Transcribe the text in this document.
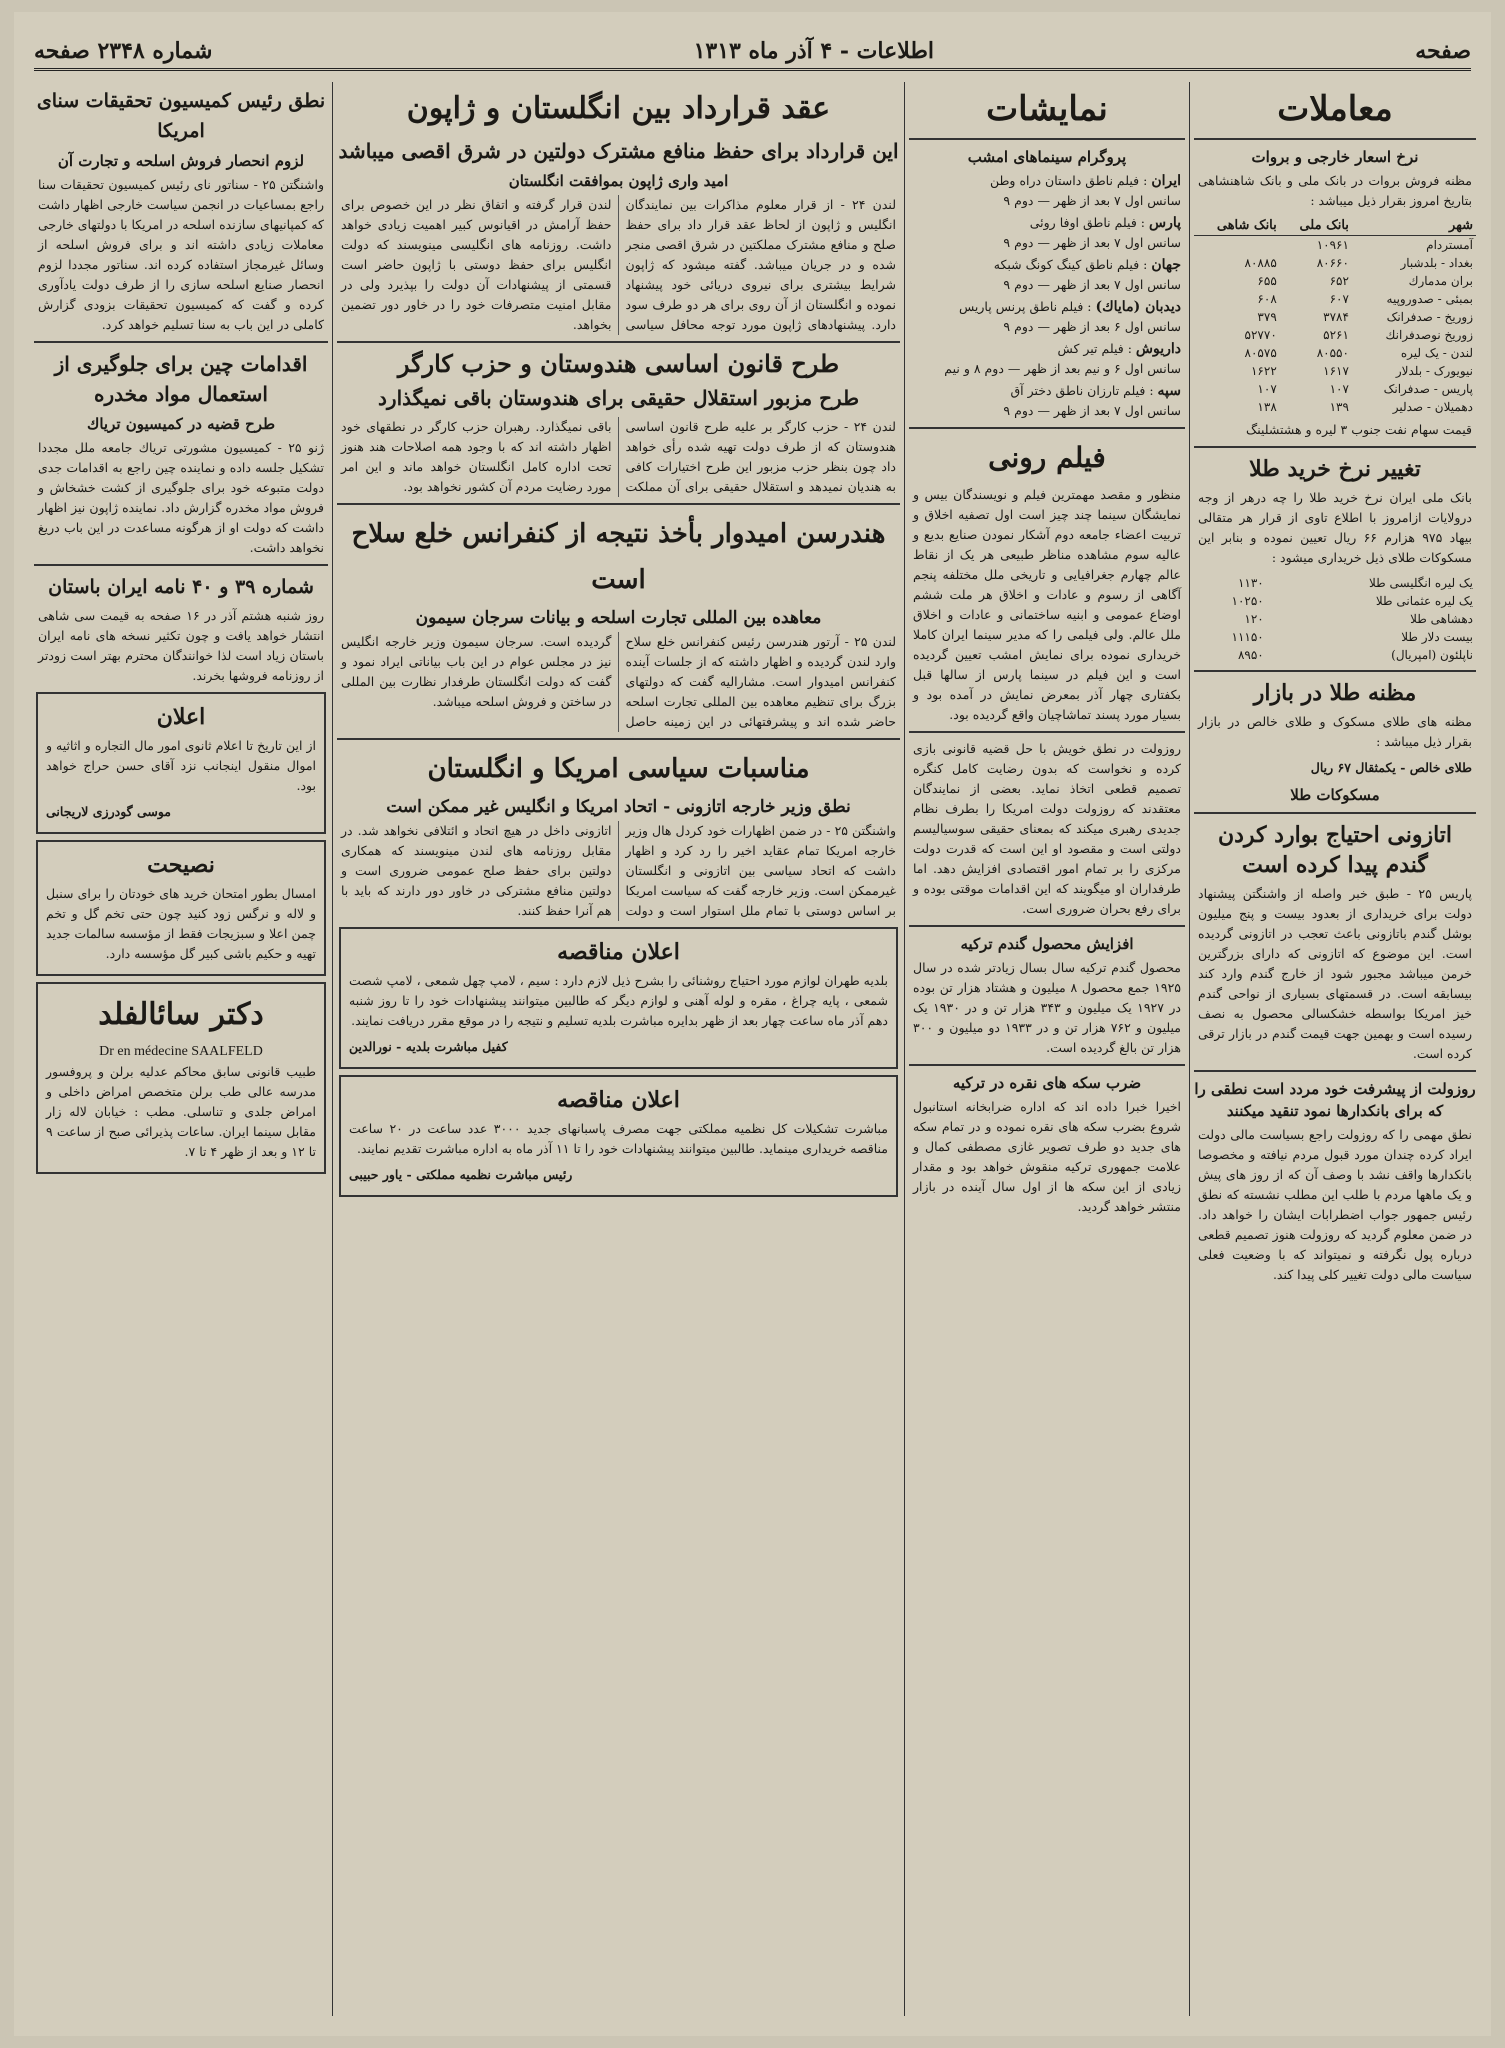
صفحه
اطلاعات - ۴ آذر ماه ۱۳۱۳
شماره ۲۳۴۸ صفحه
معاملات
نرخ اسعار خارجی و بروات
مظنه فروش بروات در بانک ملی و بانک شاهنشاهی بتاریخ امروز بقرار ذیل میباشد :
شهر	بانک ملی	بانک شاهی
آمستردام	۱۰۹۶۱	
بغداد - بلدشبار	۸۰۶۶۰	۸۰۸۸۵
بران مدمارك	۶۵۲	۶۵۵
بمبئی - صدوروپیه	۶۰۷	۶۰۸
زوریخ - صدفرانک	۳۷۸۴	۳۷۹
زوریخ نوصدفرانك	۵۲۶۱	۵۲۷۷۰
لندن - یک لیره	۸۰۵۵۰	۸۰۵۷۵
نیویورک - بلدلار	۱۶۱۷	۱۶۲۲
پاریس - صدفرانک	۱۰۷	۱۰۷
دهمیلان - صدلیر	۱۳۹	۱۳۸
قیمت سهام نفت جنوب ۳ لیره و هشتشلینگ
تغییر نرخ خرید طلا
بانک ملی ایران نرخ خرید طلا را چه درهر از وجه درولایات ازامروز با اطلاع تاوی از قرار هر متقالی بیهاد ۹۷۵ هزارم ۶۶ ریال تعیین نموده و بنابر این مسکوکات طلای ذیل خریداری میشود :
یک لیره انگلیسی طلا	۱۱۳۰
یک لیره عثمانی طلا	۱۰۲۵۰
دهشاهی طلا	۱۲۰
بیست دلار طلا	۱۱۱۵۰
ناپلئون (امپریال)	۸۹۵۰
مظنه طلا در بازار
مظنه های طلای مسکوک و طلای خالص در بازار بقرار ذیل میباشد :
طلای خالص - یکمثقال ۶۷ ریال
مسکوکات طلا
اتازونی احتیاج بوارد کردن گندم پیدا کرده است
پاریس ۲۵ - طبق خبر واصله از واشنگتن پیشنهاد دولت برای خریداری از بعدود بیست و پنج میلیون بوشل گندم باتازونی باعث تعجب در اتازونی گردیده است. این موضوع که اتازونی که دارای بزرگترین خرمن میباشد مجبور شود از خارج گندم وارد کند بیسابقه است. در قسمتهای بسیاری از نواحی گندم خیز امریکا بواسطه خشکسالی محصول به نصف رسیده است و بهمین جهت قیمت گندم در بازار ترقی کرده است.
روزولت از پیشرفت خود مردد است نطقی را که برای بانکدارها نمود تنقید میکنند
نطق مهمی را که روزولت راجع بسیاست مالی دولت ایراد کرده چندان مورد قبول مردم نیافته و مخصوصا بانکدارها واقف نشد با وصف آن که از روز های پیش و یک ماهها مردم با طلب این مطلب نشسته که نطق رئیس جمهور جواب اضطرابات ایشان را خواهد داد. در ضمن معلوم گردید که روزولت هنوز تصمیم قطعی درباره پول نگرفته و نمیتواند که با وضعیت فعلی سیاست مالی دولت تغییر کلی پیدا کند.
نمایشات
پروگرام سینماهای امشب
ایران : فیلم ناطق داستان دراه وطن
سانس اول ۷ بعد از ظهر — دوم ۹
پارس : فیلم ناطق اوفا روئی
سانس اول ۷ بعد از ظهر — دوم ۹
جهان : فیلم ناطق کینگ کونگ شبکه
سانس اول ۷ بعد از ظهر — دوم ۹
دیدبان (مایاك) : فیلم ناطق پرنس پاریس
سانس اول ۶ بعد از ظهر — دوم ۹
داریوش : فیلم تیر کش
سانس اول ۶ و نیم بعد از ظهر — دوم ۸ و نیم
سپه : فیلم تارزان ناطق دختر آق
سانس اول ۷ بعد از ظهر — دوم ۹
فیلم رونی
منظور و مقصد مهمترین فیلم و نویسندگان بیس و نمایشگان سینما چند چیز است اول تصفیه اخلاق و تربیت اعضاء جامعه دوم آشکار نمودن صنایع بدیع و عالیه سوم مشاهده مناظر طبیعی هر یک از نقاط عالم چهارم جغرافیایی و تاریخی ملل مختلفه پنجم آگاهی از رسوم و عادات و اخلاق هر ملت ششم اوضاع عمومی و ابنیه ساختمانی و عادات و اخلاق ملل عالم. ولی فیلمی را که مدیر سینما ایران کاملا خریداری نموده برای نمایش امشب تعیین گردیده است و این فیلم در سینما پارس از سالها قبل بکفتاری چهار آذر بمعرض نمایش در آمده بود و بسیار مورد پسند تماشاچیان واقع گردیده بود.
روزولت در نطق خویش با حل قضیه قانونی بازی کرده و نخواست که بدون رضایت کامل کنگره تصمیم قطعی اتخاذ نماید. بعضی از نمایندگان معتقدند که روزولت دولت امریکا را بطرف نظام جدیدی رهبری میکند که بمعنای حقیقی سوسیالیسم دولتی است و مقصود او این است که قدرت دولت مرکزی را بر تمام امور اقتصادی افزایش دهد. اما طرفداران او میگویند که این اقدامات موقتی بوده و برای رفع بحران ضروری است.
افزایش محصول گندم ترکیه
محصول گندم ترکیه سال بسال زیادتر شده در سال ۱۹۲۵ جمع محصول ۸ میلیون و هشتاد هزار تن بوده در ۱۹۲۷ یک میلیون و ۳۴۳ هزار تن و در ۱۹۳۰ یک میلیون و ۷۶۲ هزار تن و در ۱۹۳۳ دو میلیون و ۳۰۰ هزار تن بالغ گردیده است.
ضرب سکه های نقره در ترکیه
اخیرا خبرا داده اند که اداره ضرابخانه استانبول شروع بضرب سکه های نقره نموده و در تمام سکه های جدید دو طرف تصویر غازی مصطفی کمال و علامت جمهوری ترکیه منقوش خواهد بود و مقدار زیادی از این سکه ها از اول سال آینده در بازار منتشر خواهد گردید.
عقد قرارداد بین انگلستان و ژاپون
این قرارداد برای حفظ منافع مشترک دولتین در شرق اقصی میباشد
امید واری ژاپون بموافقت انگلستان
لندن ۲۴ - از قرار معلوم مذاکرات بین نمایندگان انگلیس و ژاپون از لحاظ عقد قرار داد برای حفظ صلح و منافع مشترک مملکتین در شرق اقصی منجر شده و در جریان میباشد. گفته میشود که ژاپون شرایط بیشتری برای نیروی دریائی خود پیشنهاد نموده و انگلستان از آن روی برای هر دو طرف سود دارد. پیشنهادهای ژاپون مورد توجه محافل سیاسی لندن قرار گرفته و اتفاق نظر در این خصوص برای حفظ آرامش در اقیانوس کبیر اهمیت زیادی خواهد داشت. روزنامه های انگلیسی مینویسند که دولت انگلیس برای حفظ دوستی با ژاپون حاضر است قسمتی از پیشنهادات آن دولت را بپذیرد ولی در مقابل امنیت متصرفات خود را در خاور دور تضمین بخواهد.
طرح قانون اساسی هندوستان و حزب کارگر
طرح مزبور استقلال حقیقی برای هندوستان باقی نمیگذارد
لندن ۲۴ - حزب کارگر بر علیه طرح قانون اساسی هندوستان که از طرف دولت تهیه شده رأی خواهد داد چون بنظر حزب مزبور این طرح اختیارات کافی به هندیان نمیدهد و استقلال حقیقی برای آن مملکت باقی نمیگذارد. رهبران حزب کارگر در نطقهای خود اظهار داشته اند که با وجود همه اصلاحات هند هنوز تحت اداره کامل انگلستان خواهد ماند و این امر مورد رضایت مردم آن کشور نخواهد بود.
هندرسن امیدوار بأخذ نتیجه از کنفرانس خلع سلاح است
معاهده بین المللی تجارت اسلحه و بیانات سرجان سیمون
لندن ۲۵ - آرتور هندرسن رئیس کنفرانس خلع سلاح وارد لندن گردیده و اظهار داشته که از جلسات آینده کنفرانس امیدوار است. مشارالیه گفت که دولتهای بزرگ برای تنظیم معاهده بین المللی تجارت اسلحه حاضر شده اند و پیشرفتهائی در این زمینه حاصل گردیده است. سرجان سیمون وزیر خارجه انگلیس نیز در مجلس عوام در این باب بیاناتی ایراد نمود و گفت که دولت انگلستان طرفدار نظارت بین المللی در ساختن و فروش اسلحه میباشد.
مناسبات سیاسی امریکا و انگلستان
نطق وزیر خارجه اتازونی - اتحاد امریکا و انگلیس غیر ممکن است
واشنگتن ۲۵ - در ضمن اظهارات خود کردل هال وزیر خارجه امریکا تمام عقاید اخیر را رد کرد و اظهار داشت که اتحاد سیاسی بین اتازونی و انگلستان غیرممکن است. وزیر خارجه گفت که سیاست امریکا بر اساس دوستی با تمام ملل استوار است و دولت اتازونی داخل در هیچ اتحاد و ائتلافی نخواهد شد. در مقابل روزنامه های لندن مینویسند که همکاری دولتین برای حفظ صلح عمومی ضروری است و دولتین منافع مشترکی در خاور دور دارند که باید با هم آنرا حفظ کنند.
اعلان مناقصه
بلدیه طهران لوازم مورد احتیاج روشنائی را بشرح ذیل لازم دارد : سیم ، لامپ چهل شمعی ، لامپ شصت شمعی ، پایه چراغ ، مقره و لوله آهنی و لوازم دیگر که طالبین میتوانند پیشنهادات خود را تا روز شنبه دهم آذر ماه ساعت چهار بعد از ظهر بدایره مباشرت بلدیه تسلیم و نتیجه را در موقع مقرر دریافت نمایند.
کفیل مباشرت بلدیه - نورالدین
اعلان مناقصه
مباشرت تشکیلات کل نظمیه مملکتی جهت مصرف پاسبانهای جدید ۳۰۰۰ عدد ساعت در ۲۰ ساعت مناقصه خریداری مینماید. طالبین میتوانند پیشنهادات خود را تا ۱۱ آذر ماه به اداره مباشرت تقدیم نمایند.
رئیس مباشرت نظمیه مملکتی - یاور حبیبی
نطق رئیس کمیسیون تحقیقات سنای امریکا
لزوم انحصار فروش اسلحه و تجارت آن
واشنگتن ۲۵ - سناتور نای رئیس کمیسیون تحقیقات سنا راجع بمساعیات در انجمن سیاست خارجی اظهار داشت که کمپانیهای سازنده اسلحه در امریکا با دولتهای خارجی معاملات زیادی داشته اند و برای فروش اسلحه از وسائل غیرمجاز استفاده کرده اند. سناتور مجددا لزوم انحصار صنایع اسلحه سازی را از طرف دولت یادآوری کرده و گفت که کمیسیون تحقیقات بزودی گزارش کاملی در این باب به سنا تسلیم خواهد کرد.
اقدامات چین برای جلوگیری از استعمال مواد مخدره
طرح قضیه در کمیسیون تریاك
ژنو ۲۵ - کمیسیون مشورتی تریاك جامعه ملل مجددا تشکیل جلسه داده و نماینده چین راجع به اقدامات جدی دولت متبوعه خود برای جلوگیری از کشت خشخاش و فروش مواد مخدره گزارش داد. نماینده ژاپون نیز اظهار داشت که دولت او از هرگونه مساعدت در این باب دریغ نخواهد داشت.
شماره ۳۹ و ۴۰ نامه ایران باستان
روز شنبه هشتم آذر در ۱۶ صفحه به قیمت سی شاهی انتشار خواهد یافت و چون تکثیر نسخه های نامه ایران باستان زیاد است لذا خوانندگان محترم بهتر است زودتر از روزنامه فروشها بخرند.
اعلان
از این تاریخ تا اعلام ثانوی امور مال التجاره و اثاثیه و اموال منقول اینجانب نزد آقای حسن حراج خواهد بود.
موسی گودرزی لاریجانی
نصیحت
امسال بطور امتحان خرید های خودتان را برای سنبل و لاله و نرگس زود کنید چون حتی تخم گل و تخم چمن اعلا و سبزیجات فقط از مؤسسه سالمات جدید تهیه و حکیم باشی کبیر گل مؤسسه دارد.
دکتر سائالفلد
Dr en médecine SAALFELD
طبیب قانونی سابق محاکم عدلیه برلن و پروفسور مدرسه عالی طب برلن متخصص امراض داخلی و امراض جلدی و تناسلی. مطب : خیابان لاله زار مقابل سینما ایران. ساعات پذیرائی صبح از ساعت ۹ تا ۱۲ و بعد از ظهر ۴ تا ۷.
